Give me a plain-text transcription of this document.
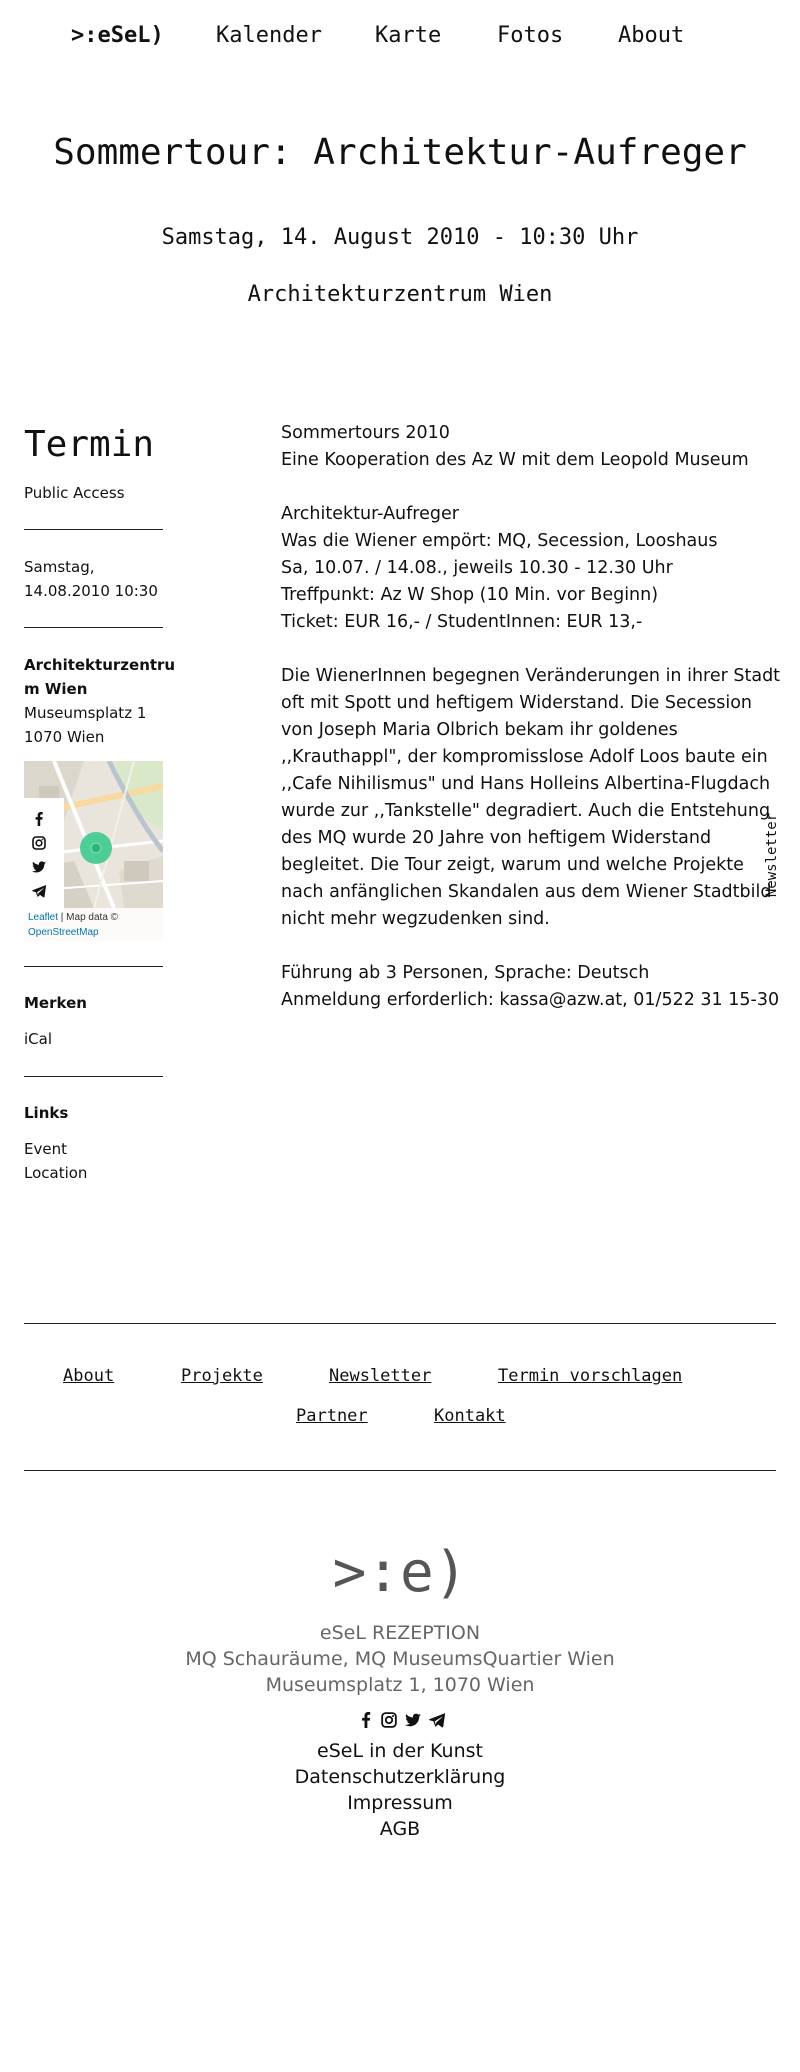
>:eSeL) Kalender Karte	Fotos About
Sommertour: Architektur-Aufreger
Samstag, 14. August 2010 - 10:30 Uhr
Architekturzentrum Wien
Termin
Public Access
Samstag,
14.08.2010 10:30
Architekturzentru
m Wien
Museumsplatz 1
1070 Wien
Leaflet | Map data ©
OpenStreetMap
Merken
iCal
Links
Event
Location

Sommertours 2010
Eine Kooperation des Az W mit dem Leopold Museum

Architektur-Aufreger
Was die Wiener empört: MQ, Secession, Looshaus
Sa, 10.07. / 14.08., jeweils 10.30 - 12.30 Uhr
Treffpunkt: Az W Shop (10 Min. vor Beginn)
Ticket: EUR 16,- / StudentInnen: EUR 13,-

Die WienerInnen begegnen Veränderungen in ihrer Stadt oft mit Spott und heftigem Widerstand. Die Secession von Joseph Maria Olbrich bekam ihr goldenes ,,Krauthappl", der kompromisslose Adolf Loos baute ein ,,Cafe Nihilismus" und Hans Holleins Albertina-Flugdach wurde zur ,,Tankstelle" degradiert. Auch die Entstehung des MQ wurde 20 Jahre von heftigem Widerstand begleitet. Die Tour zeigt, warum und welche Projekte nach anfänglichen Skandalen aus dem Wiener Stadtbild nicht mehr wegzudenken sind.

Führung ab 3 Personen, Sprache: Deutsch
Anmeldung erforderlich: kassa@azw.at, 01/522 31 15-30

Newsletter
About	Projekte	Newsletter	Termin vorschlagen
Partner	Kontakt
>:e)
eSeL REZEPTION
MQ Schauräume, MQ MuseumsQuartier Wien
Museumsplatz 1, 1070 Wien
eSeL in der Kunst
Datenschutzerklärung
Impressum
AGB
